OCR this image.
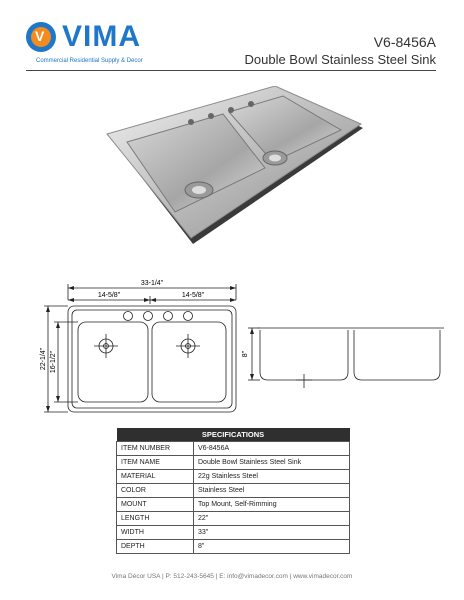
V VIMA
Commercial Residential Supply & Decor
V6-8456A
Double Bowl Stainless Steel Sink
33-1/4"
14-5/8"	14-5/8"
22-1/4" 16-1/2"	8"
SPECIFICATIONS	
ITEM NUMBER	V6-8456A
ITEM NAME	Double Bowl Stainless Steel Sink
MATERIAL	22g Stainless Steel
COLOR	Stainless Steel
MOUNT	Top Mount, Self-Rimming
LENGTH	22"
WIDTH	33"
DEPTH	8"
Vima Décor USA | P: 512-243-5645 | E: info@vimadecor.com | www.vimadecor.com
